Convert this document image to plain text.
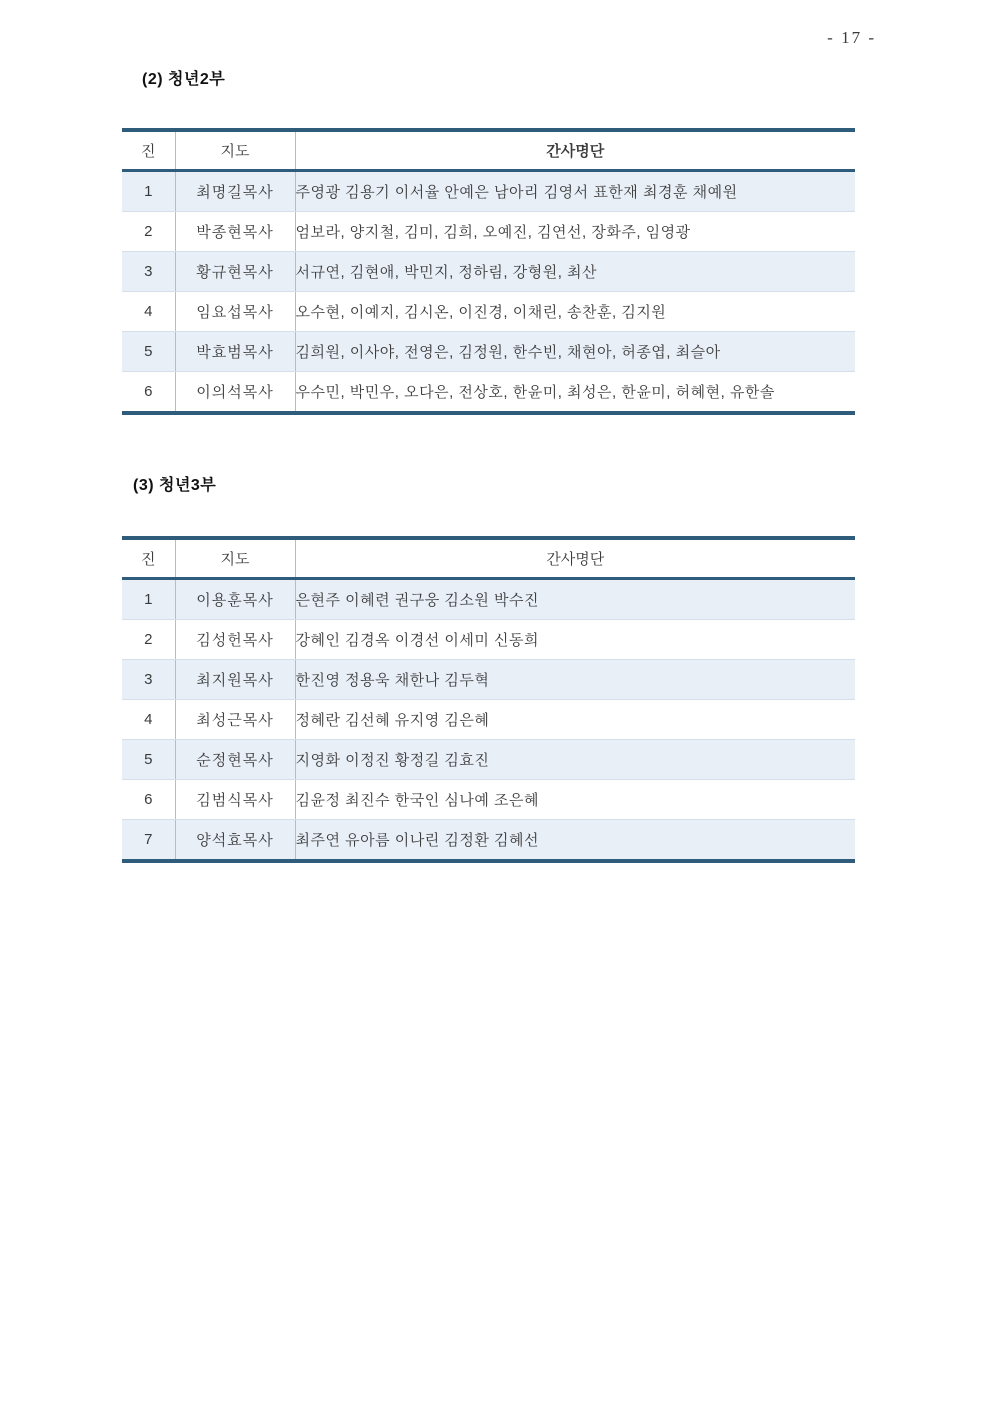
- 17 -
(2) 청년2부
진	지도	간사명단
1	최명길목사	주영광 김용기 이서율 안예은 남아리 김영서 표한재 최경훈 채예원
2	박종현목사	엄보라, 양지철, 김미, 김희, 오예진, 김연선, 장화주, 임영광
3	황규현목사	서규연, 김현애, 박민지, 정하림, 강형원, 최산
4	임요섭목사	오수현, 이예지, 김시온, 이진경, 이채린, 송찬훈, 김지원
5	박효범목사	김희원, 이사야, 전영은, 김정원, 한수빈, 채현아, 허종엽, 최슬아
6	이의석목사	우수민, 박민우, 오다은, 전상호, 한윤미, 최성은, 한윤미, 허혜현, 유한솔
(3) 청년3부
진	지도	간사명단
1	이용훈목사	은현주 이혜련 권구웅 김소원 박수진
2	김성헌목사	강혜인 김경옥 이경선 이세미 신동희
3	최지원목사	한진영 정용욱 채한나 김두혁
4	최성근목사	정혜란 김선혜 유지영 김은혜
5	순정현목사	지영화 이정진 황정길 김효진
6	김범식목사	김윤정 최진수 한국인 심나예 조은혜
7	양석효목사	최주연 유아름 이나린 김정환 김혜선
